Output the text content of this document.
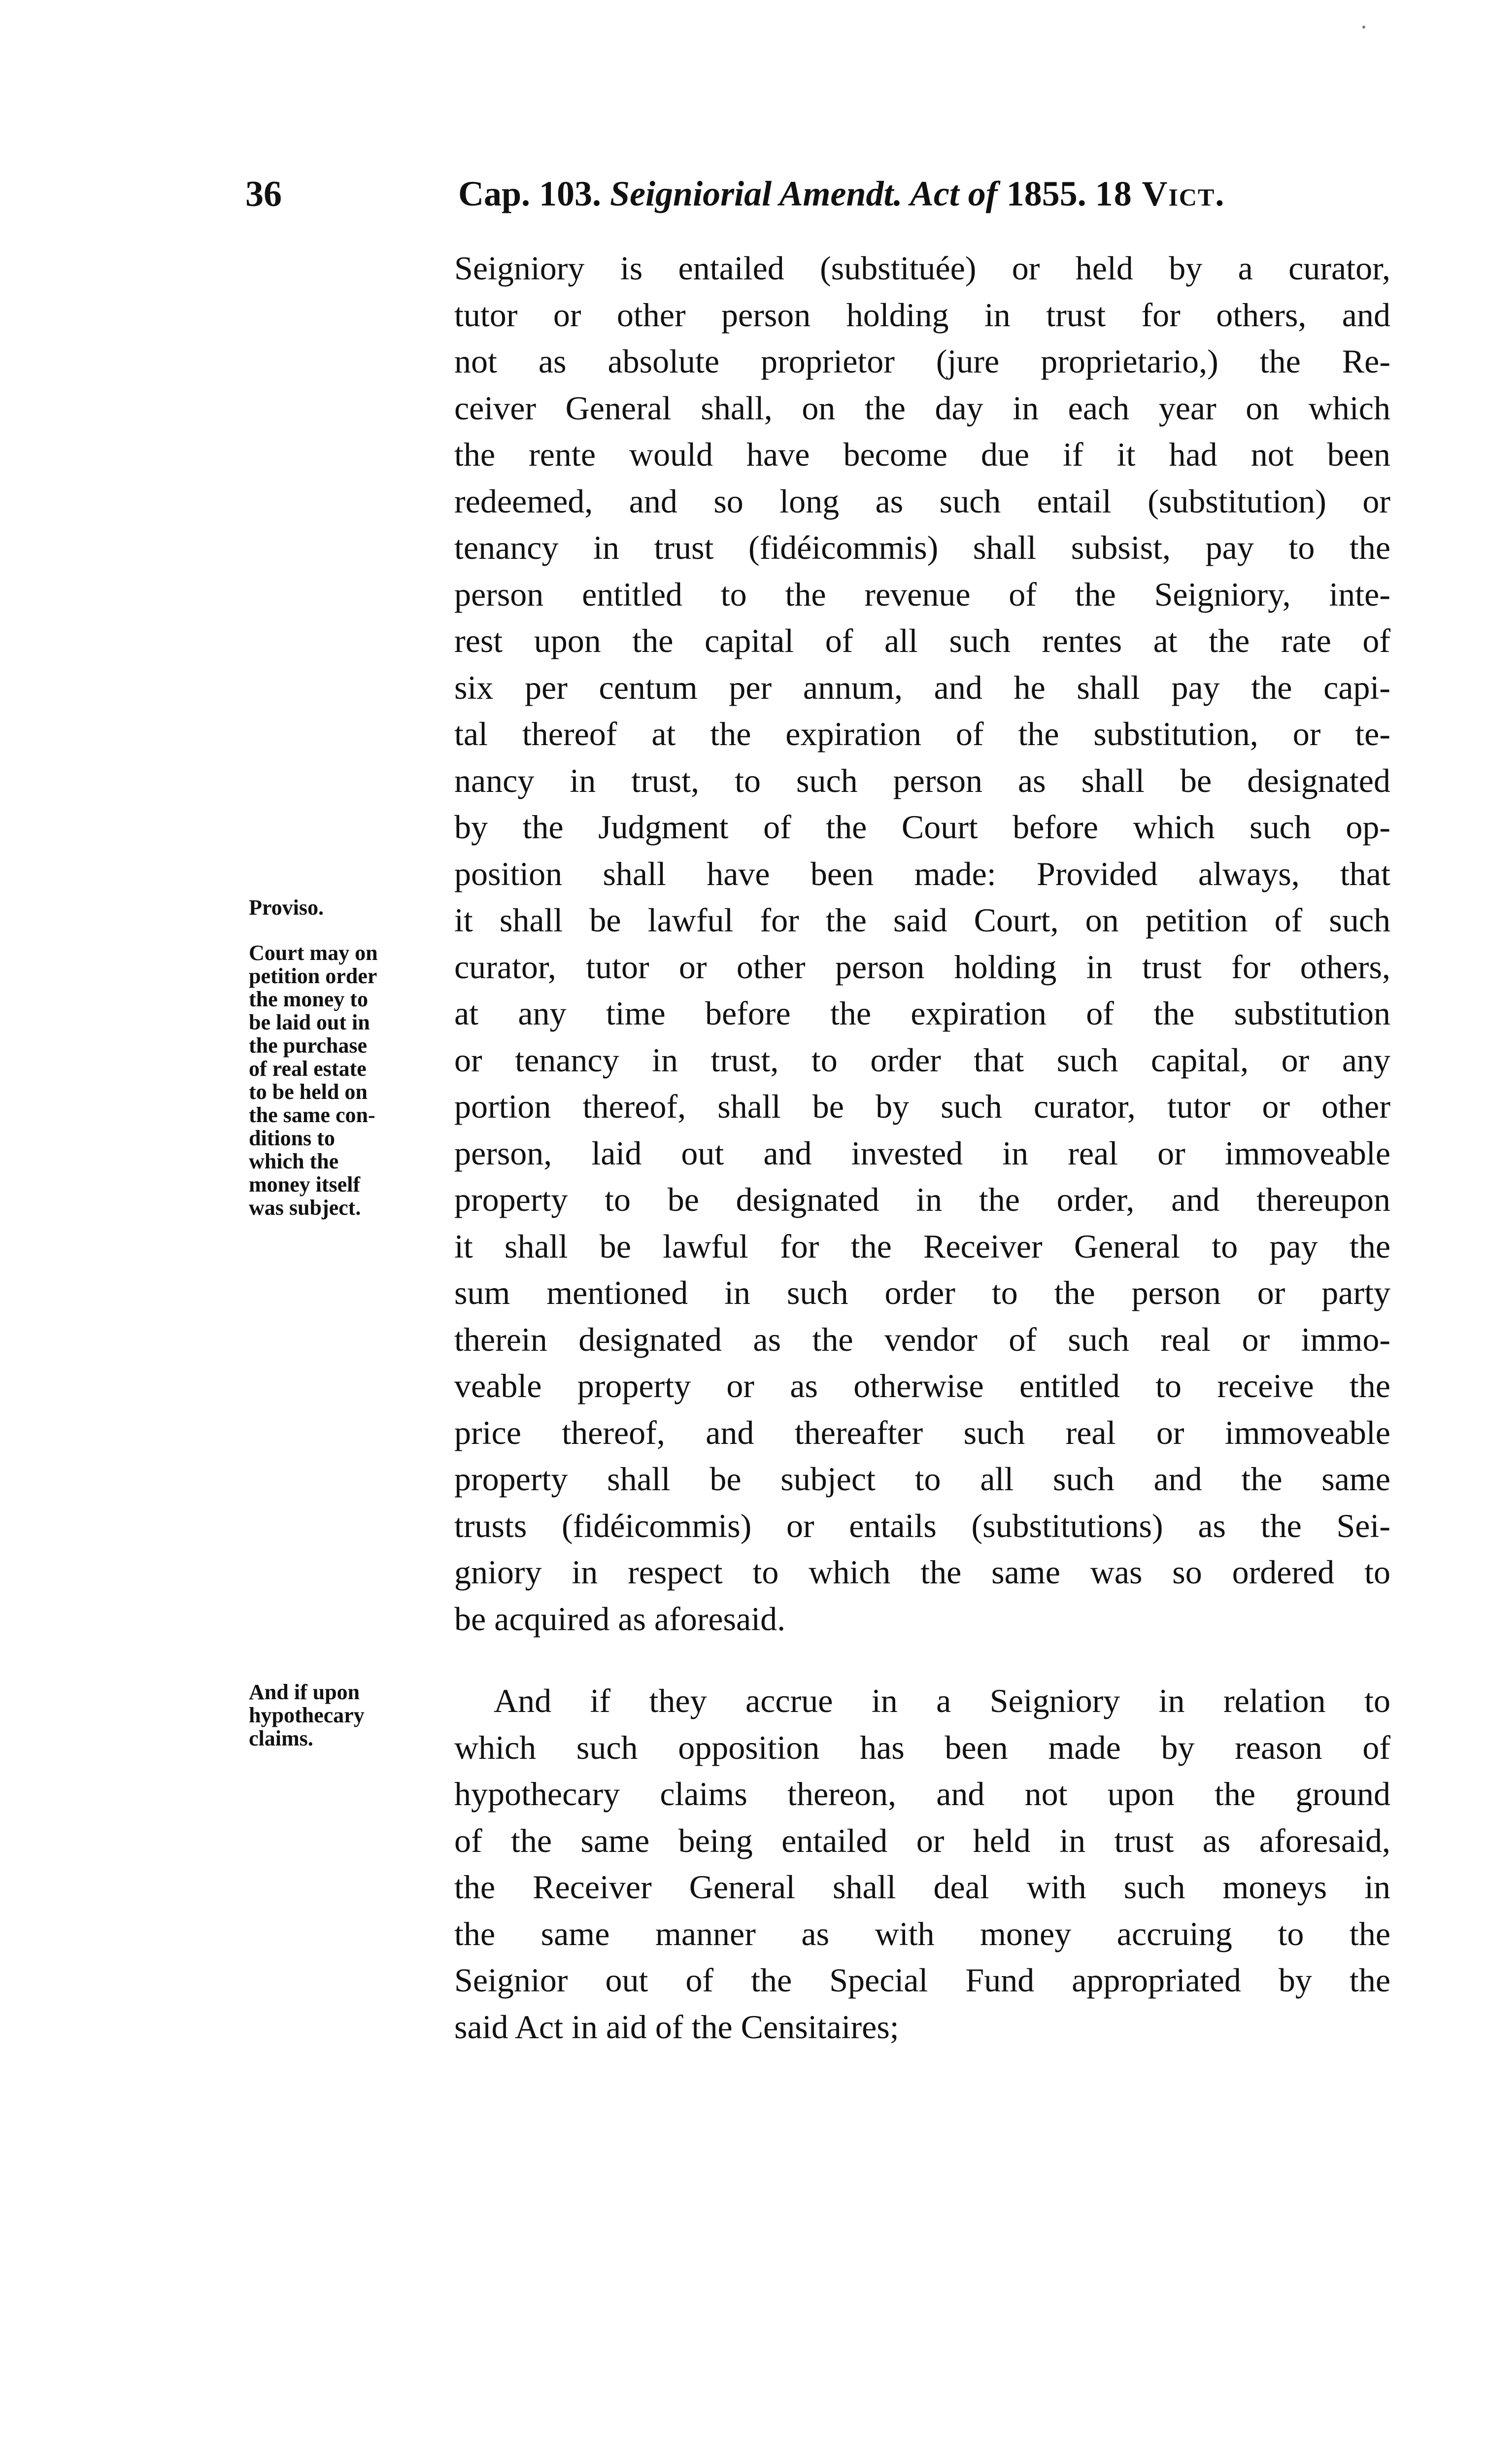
36	Cap. 103. Seigniorial Amendt. Act of 1855. 18 Vict.
Proviso.
Court may on
petition order
the money to
be laid out in
the purchase
of real estate
to be held on
the same con-
ditions to
which the
money itself
was subject.
And if upon
hypothecary
claims.
Seigniory is entailed (substituée) or held by a curator,
tutor or other person holding in trust for others, and
not as absolute proprietor (jure proprietario,) the Re-
ceiver General shall, on the day in each year on which
the rente would have become due if it had not been
redeemed, and so long as such entail (substitution) or
tenancy in trust (fidéicommis) shall subsist, pay to the
person entitled to the revenue of the Seigniory, inte-
rest upon the capital of all such rentes at the rate of
six per centum per annum, and he shall pay the capi-
tal thereof at the expiration of the substitution, or te-
nancy in trust, to such person as shall be designated
by the Judgment of the Court before which such op-
position shall have been made: Provided always, that
it shall be lawful for the said Court, on petition of such
curator, tutor or other person holding in trust for others,
at any time before the expiration of the substitution
or tenancy in trust, to order that such capital, or any
portion thereof, shall be by such curator, tutor or other
person, laid out and invested in real or immoveable
property to be designated in the order, and thereupon
it shall be lawful for the Receiver General to pay the
sum mentioned in such order to the person or party
therein designated as the vendor of such real or immo-
veable property or as otherwise entitled to receive the
price thereof, and thereafter such real or immoveable
property shall be subject to all such and the same
trusts (fidéicommis) or entails (substitutions) as the Sei-
gniory in respect to which the same was so ordered to
be acquired as aforesaid.
And if they accrue in a Seigniory in relation to
which such opposition has been made by reason of
hypothecary claims thereon, and not upon the ground
of the same being entailed or held in trust as aforesaid,
the Receiver General shall deal with such moneys in
the same manner as with money accruing to the
Seignior out of the Special Fund appropriated by the
said Act in aid of the Censitaires;
